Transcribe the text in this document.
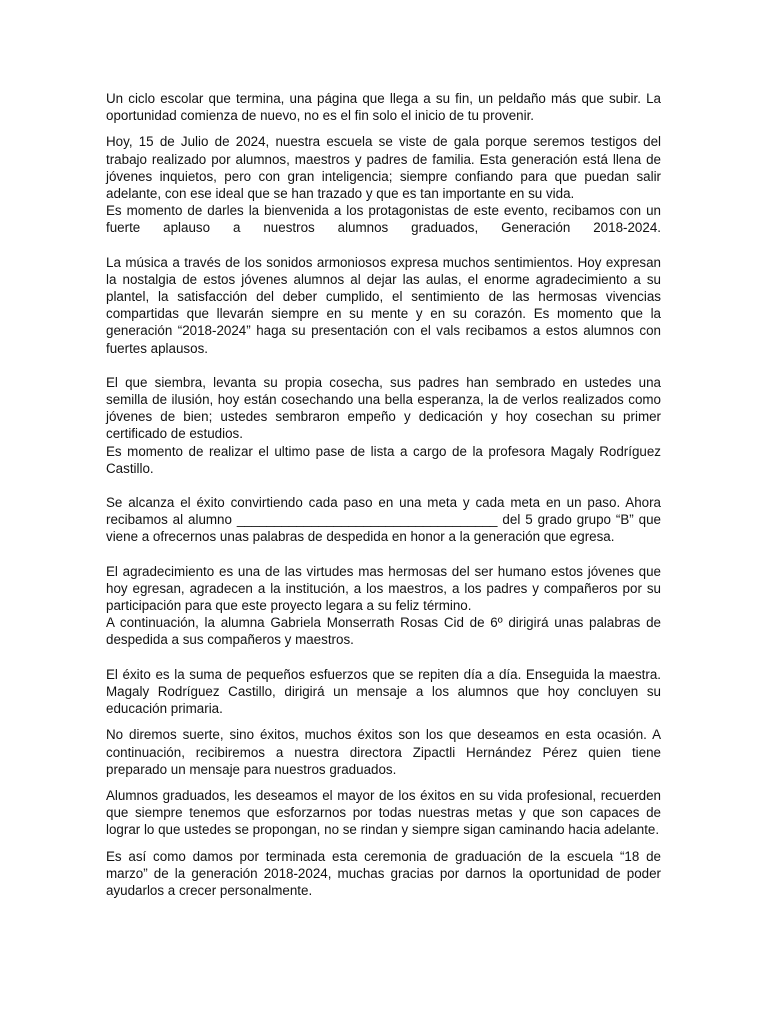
Un ciclo escolar que termina, una página que llega a su fin, un peldaño más que subir. La oportunidad comienza de nuevo, no es el fin solo el inicio de tu provenir.

Hoy, 15 de Julio de 2024, nuestra escuela se viste de gala porque seremos testigos del trabajo realizado por alumnos, maestros y padres de familia. Esta generación está llena de jóvenes inquietos, pero con gran inteligencia; siempre confiando para que puedan salir adelante, con ese ideal que se han trazado y que es tan importante en su vida.
Es momento de darles la bienvenida a los protagonistas de este evento, recibamos con un fuerte aplauso a nuestros alumnos graduados, Generación 2018-2024.

La música a través de los sonidos armoniosos expresa muchos sentimientos. Hoy expresan la nostalgia de estos jóvenes alumnos al dejar las aulas, el enorme agradecimiento a su plantel, la satisfacción del deber cumplido, el sentimiento de las hermosas vivencias compartidas que llevarán siempre en su mente y en su corazón. Es momento que la generación “2018-2024” haga su presentación con el vals recibamos a estos alumnos con fuertes aplausos.

El que siembra, levanta su propia cosecha, sus padres han sembrado en ustedes una semilla de ilusión, hoy están cosechando una bella esperanza, la de verlos realizados como jóvenes de bien; ustedes sembraron empeño y dedicación y hoy cosechan su primer certificado de estudios.
Es momento de realizar el ultimo pase de lista a cargo de la profesora Magaly Rodríguez Castillo.

Se alcanza el éxito convirtiendo cada paso en una meta y cada meta en un paso. Ahora recibamos al alumno ___________________________________ del 5 grado grupo “B” que viene a ofrecernos unas palabras de despedida en honor a la generación que egresa.

El agradecimiento es una de las virtudes mas hermosas del ser humano estos jóvenes que hoy egresan, agradecen a la institución, a los maestros, a los padres y compañeros por su participación para que este proyecto legara a su feliz término.
A continuación, la alumna Gabriela Monserrath Rosas Cid de 6º dirigirá unas palabras de despedida a sus compañeros y maestros.

El éxito es la suma de pequeños esfuerzos que se repiten día a día. Enseguida la maestra. Magaly Rodríguez Castillo, dirigirá un mensaje a los alumnos que hoy concluyen su educación primaria.

No diremos suerte, sino éxitos, muchos éxitos son los que deseamos en esta ocasión. A continuación, recibiremos a nuestra directora Zipactli Hernández Pérez quien tiene preparado un mensaje para nuestros graduados.

Alumnos graduados, les deseamos el mayor de los éxitos en su vida profesional, recuerden que siempre tenemos que esforzarnos por todas nuestras metas y que son capaces de lograr lo que ustedes se propongan, no se rindan y siempre sigan caminando hacia adelante.

Es así como damos por terminada esta ceremonia de graduación de la escuela “18 de marzo” de la generación 2018-2024, muchas gracias por darnos la oportunidad de poder ayudarlos a crecer personalmente.
